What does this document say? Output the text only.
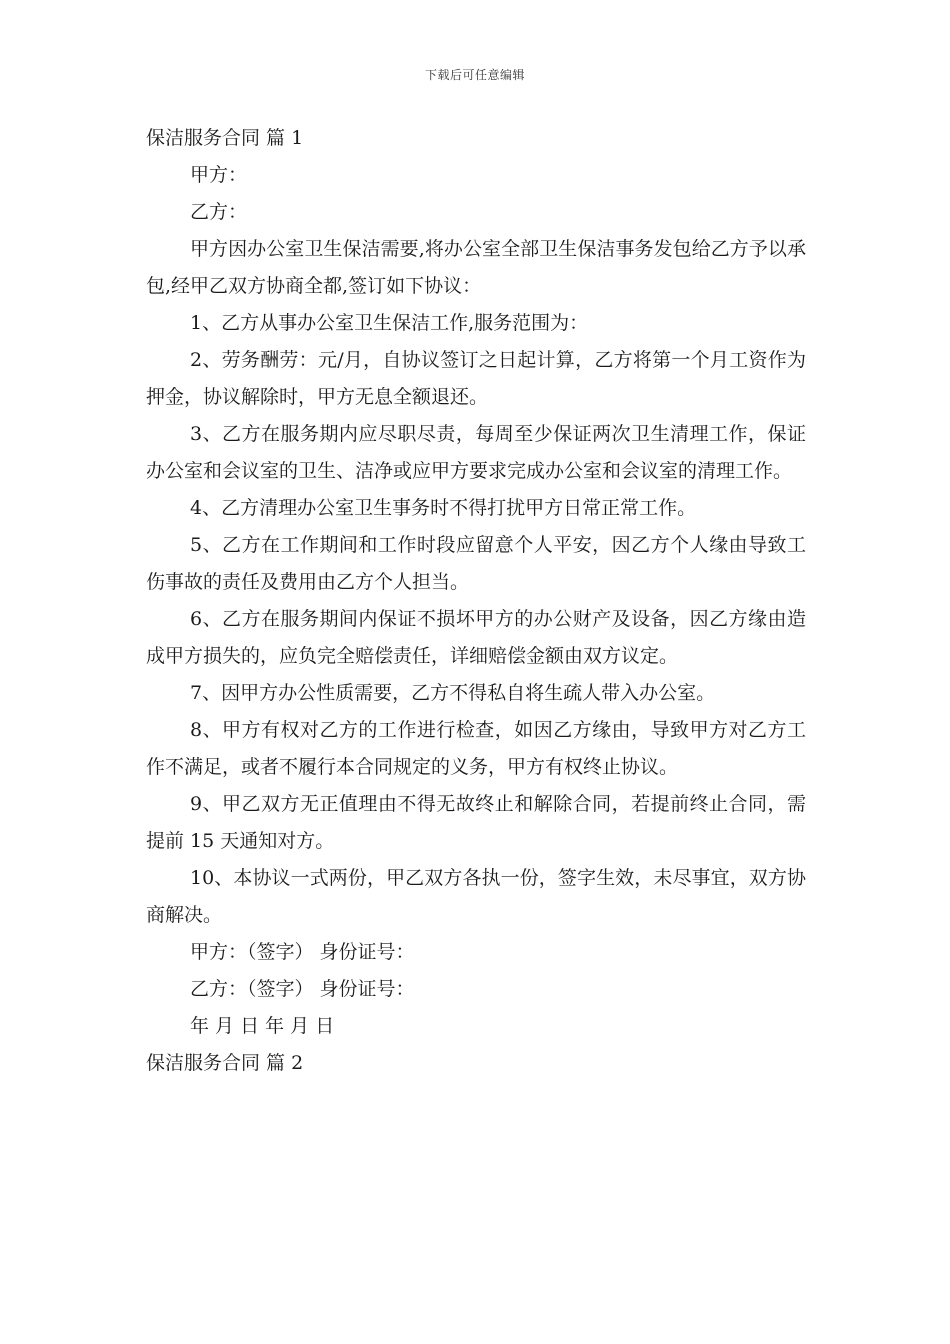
下载后可任意编辑

保洁服务合同 篇 1

甲方：

乙方：

甲方因办公室卫生保洁需要,将办公室全部卫生保洁事务发包给乙方予以承包,经甲乙双方协商全都,签订如下协议：

1、乙方从事办公室卫生保洁工作,服务范围为：

2、劳务酬劳：元/月，自协议签订之日起计算，乙方将第一个月工资作为押金，协议解除时，甲方无息全额退还。

3、乙方在服务期内应尽职尽责，每周至少保证两次卫生清理工作，保证办公室和会议室的卫生、洁净或应甲方要求完成办公室和会议室的清理工作。

4、乙方清理办公室卫生事务时不得打扰甲方日常正常工作。

5、乙方在工作期间和工作时段应留意个人平安，因乙方个人缘由导致工伤事故的责任及费用由乙方个人担当。

6、乙方在服务期间内保证不损坏甲方的办公财产及设备，因乙方缘由造成甲方损失的，应负完全赔偿责任，详细赔偿金额由双方议定。

7、因甲方办公性质需要，乙方不得私自将生疏人带入办公室。

8、甲方有权对乙方的工作进行检查，如因乙方缘由，导致甲方对乙方工作不满足，或者不履行本合同规定的义务，甲方有权终止协议。

9、甲乙双方无正值理由不得无故终止和解除合同，若提前终止合同，需提前 15 天通知对方。

10、本协议一式两份，甲乙双方各执一份，签字生效，未尽事宜，双方协商解决。

甲方：（签字） 身份证号：

乙方：（签字） 身份证号：

年 月 日 年 月 日

保洁服务合同 篇 2
